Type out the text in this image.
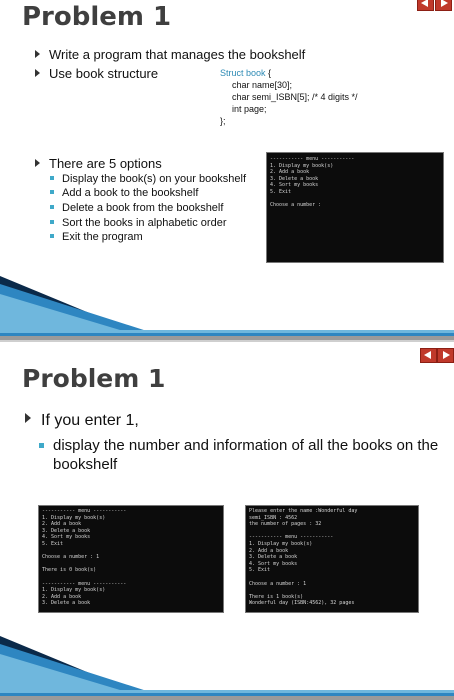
Problem 1
Write a program that manages the bookshelf
Use book structure	Struct book {
char name[30];
char semi_ISBN[5]; /* 4 digits */
int page;
};
There are 5 options
Display the book(s) on your bookshelf
Add a book to the bookshelf
Delete a book from the bookshelf
Sort the books in alphabetic order
Exit the program
----------- menu -----------
1. Display my book(s)
2. Add a book
3. Delete a book
4. Sort my books
5. Exit

Choose a number :
Problem 1
If you enter 1,
display the number and information of all the books on the bookshelf
----------- menu -----------
1. Display my book(s)
2. Add a book
3. Delete a book
4. Sort my books
5. Exit

Choose a number : 1

There is 0 book(s)

----------- menu -----------
1. Display my book(s)
2. Add a book
3. Delete a book
Please enter the name :Wonderful day
semi_ISBN : 4562
the number of pages : 32

----------- menu -----------
1. Display my book(s)
2. Add a book
3. Delete a book
4. Sort my books
5. Exit

Choose a number : 1

There is 1 book(s)
Wonderful day (ISBN:4562), 32 pages
